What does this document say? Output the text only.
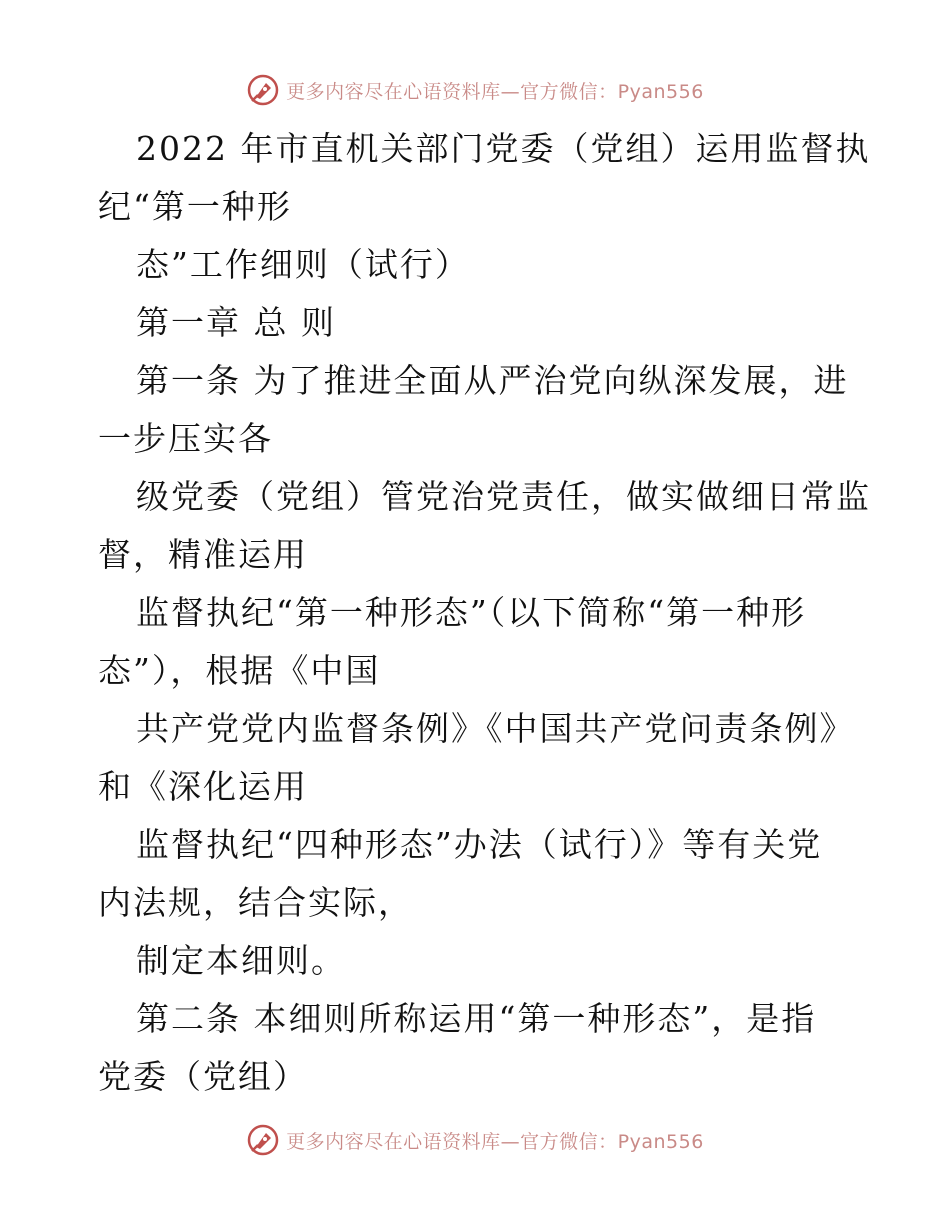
更多内容尽在心语资料库—官方微信：Pyan556
2022 年市直机关部门党委（党组）运用监督执
纪“第一种形
态”工作细则（试行）
第一章 总 则
第一条 为了推进全面从严治党向纵深发展，进
一步压实各
级党委（党组）管党治党责任，做实做细日常监
督，精准运用
监督执纪“第一种形态”（以下简称“第一种形
态”），根据《中国
共产党党内监督条例》《中国共产党问责条例》
和《深化运用
监督执纪“四种形态”办法（试行）》等有关党
内法规，结合实际，
制定本细则。
第二条 本细则所称运用“第一种形态”，是指
党委（党组）
更多内容尽在心语资料库—官方微信：Pyan556
